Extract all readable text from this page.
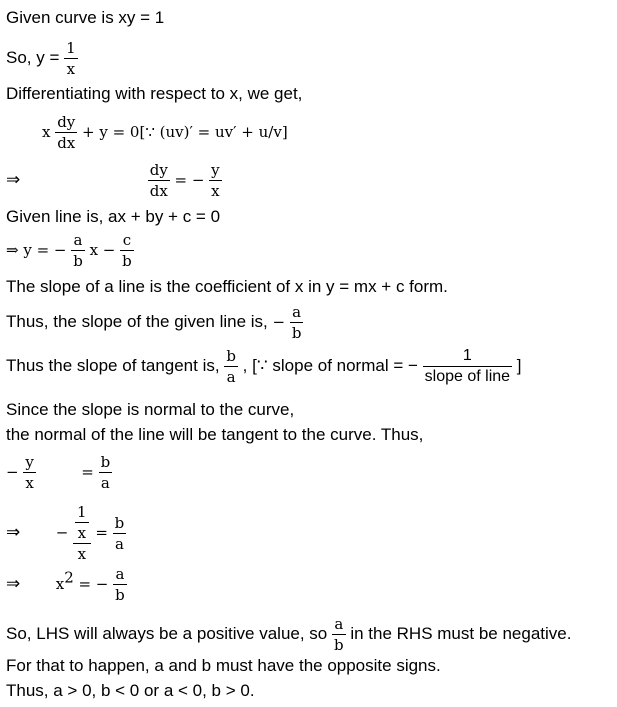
Given curve is xy = 1
So, $y = \frac{1}{x}$
Differentiating with respect to x, we get,
x $\frac{dy}{dx} + y$ = 0[∵ (uv)′ = uv′ + u/v]
⇒	$\frac{dy}{dx}$ = − $\frac{y}{x}$
Given line is, ax + by + c = 0
⇒ y = − $\frac{a}{b}$ $x - \frac{c}{b}$
The slope of a line is the coefficient of x in y = mx + c form.
Thus, the slope of the given line is, − $\frac{a}{b}$
Thus the slope of tangent is, $\frac{b}{a}$ , [∵ slope of normal = − $\frac{1}{\text{slope of line}}$ ]
Since the slope is normal to the curve,
the normal of the line will be tangent to the curve. Thus,
− $\frac{y}{x}$	= $\frac{b}{a}$
⇒ − $\frac{\frac{1}{x}}{x} = \frac{b}{a}$
⇒ $x^2$ = − $\frac{a}{b}$
So, LHS will always be a positive value, so $\frac{a}{b}$ in the RHS must be negative.
For that to happen, a and b must have the opposite signs.
Thus, a > 0, b < 0 or a < 0, b > 0.
